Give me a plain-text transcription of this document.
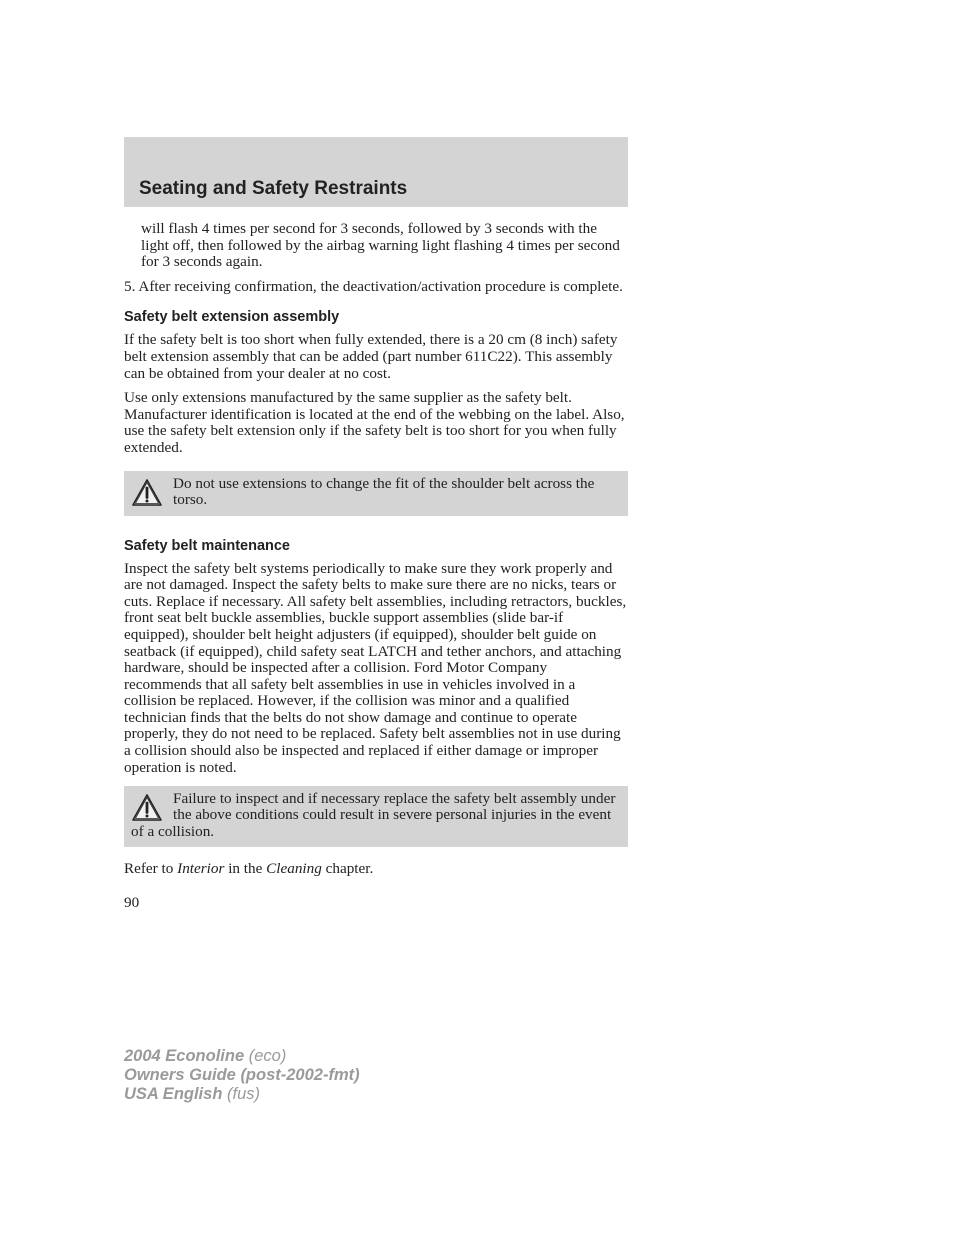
Seating and Safety Restraints

will flash 4 times per second for 3 seconds, followed by 3 seconds with the light off, then followed by the airbag warning light flashing 4 times per second for 3 seconds again.

5. After receiving confirmation, the deactivation/activation procedure is complete.

Safety belt extension assembly

If the safety belt is too short when fully extended, there is a 20 cm (8 inch) safety belt extension assembly that can be added (part number 611C22). This assembly can be obtained from your dealer at no cost.

Use only extensions manufactured by the same supplier as the safety belt. Manufacturer identification is located at the end of the webbing on the label. Also, use the safety belt extension only if the safety belt is too short for you when fully extended.

Do not use extensions to change the fit of the shoulder belt across the torso.
Safety belt maintenance

Inspect the safety belt systems periodically to make sure they work properly and are not damaged. Inspect the safety belts to make sure there are no nicks, tears or cuts. Replace if necessary. All safety belt assemblies, including retractors, buckles, front seat belt buckle assemblies, buckle support assemblies (slide bar-if equipped), shoulder belt height adjusters (if equipped), shoulder belt guide on seatback (if equipped), child safety seat LATCH and tether anchors, and attaching hardware, should be inspected after a collision. Ford Motor Company recommends that all safety belt assemblies in use in vehicles involved in a collision be replaced. However, if the collision was minor and a qualified technician finds that the belts do not show damage and continue to operate properly, they do not need to be replaced. Safety belt assemblies not in use during a collision should also be inspected and replaced if either damage or improper operation is noted.

Failure to inspect and if necessary replace the safety belt assembly under the above conditions could result in severe personal injuries in the event of a collision.

Refer to Interior in the Cleaning chapter.

90

2004 Econoline (eco)
Owners Guide (post-2002-fmt)
USA English (fus)
